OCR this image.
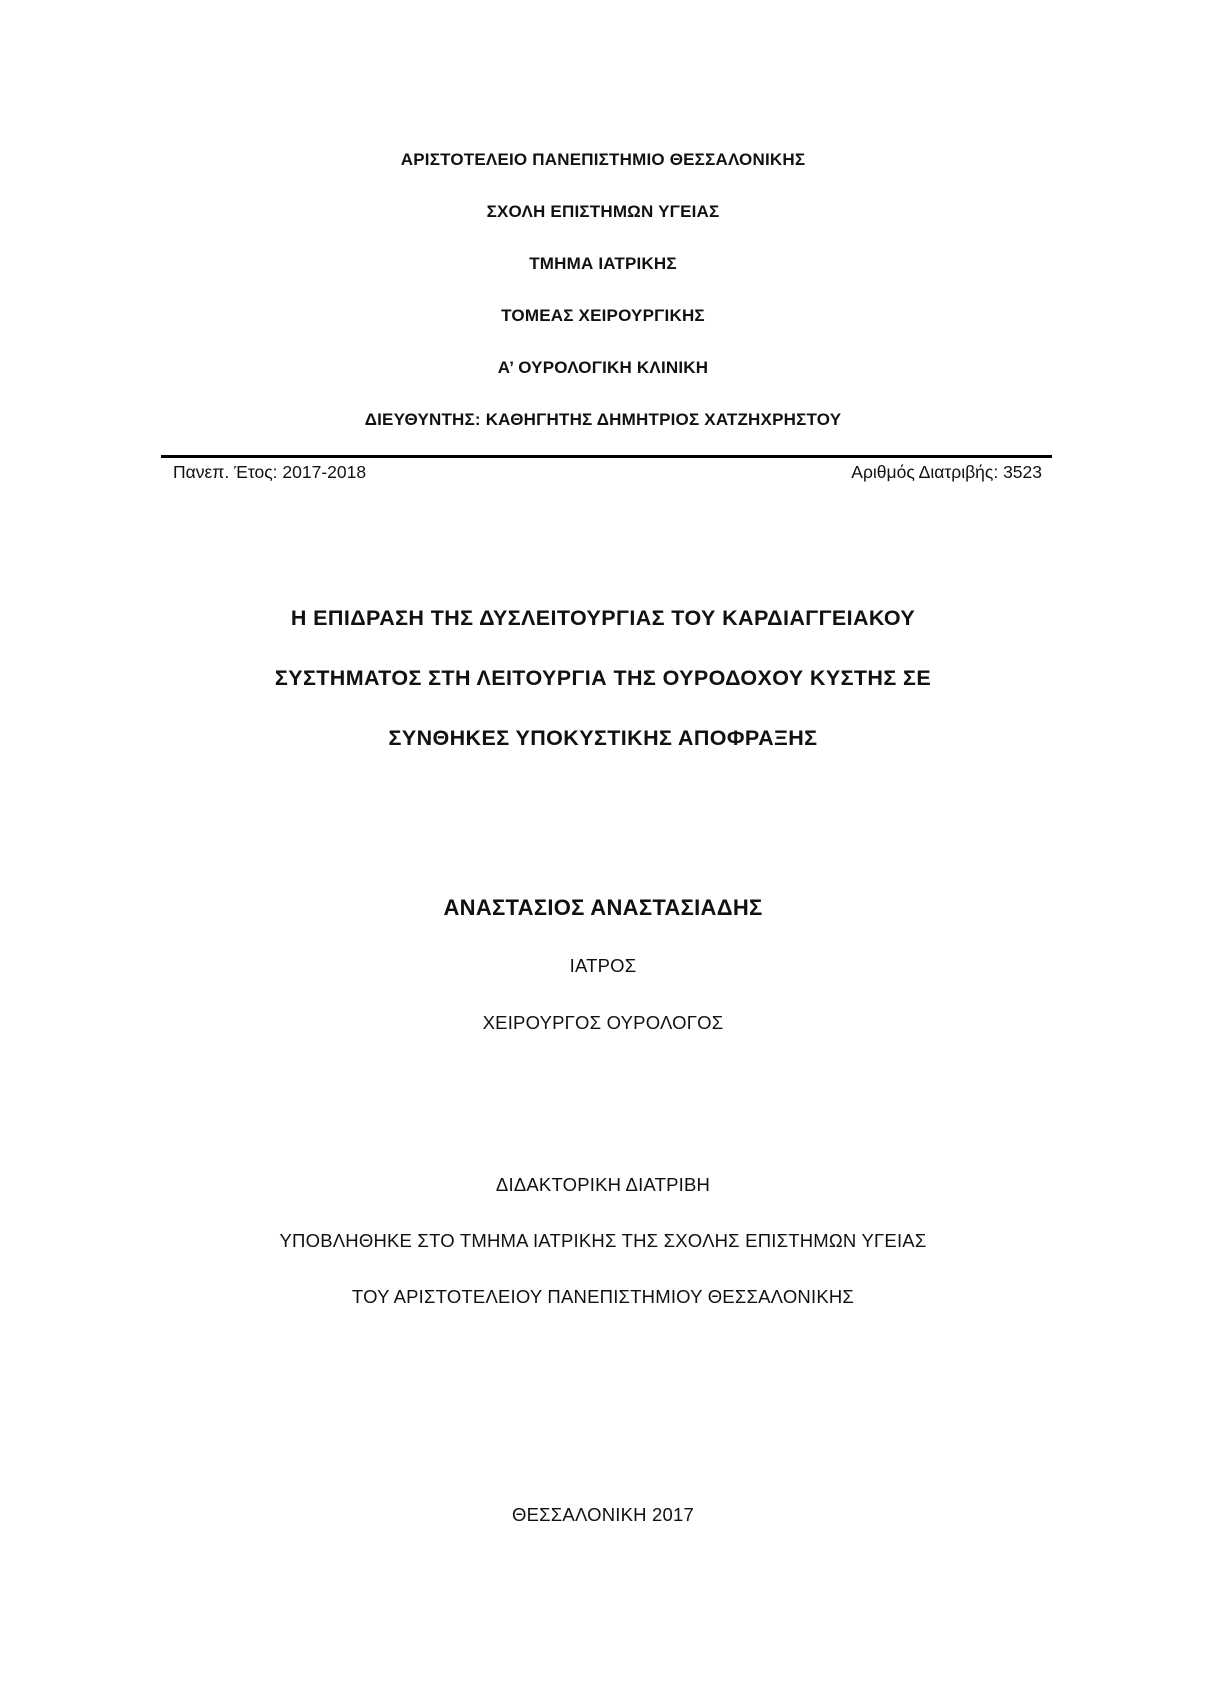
ΑΡΙΣΤΟΤΕΛΕΙΟ ΠΑΝΕΠΙΣΤΗΜΙΟ ΘΕΣΣΑΛΟΝΙΚΗΣ
ΣΧΟΛΗ ΕΠΙΣΤΗΜΩΝ ΥΓΕΙΑΣ
ΤΜΗΜΑ ΙΑΤΡΙΚΗΣ
ΤΟΜΕΑΣ ΧΕΙΡΟΥΡΓΙΚΗΣ
Α’ ΟΥΡΟΛΟΓΙΚΗ ΚΛΙΝΙΚΗ
ΔΙΕΥΘΥΝΤΗΣ: ΚΑΘΗΓΗΤΗΣ ΔΗΜΗΤΡΙΟΣ ΧΑΤΖΗΧΡΗΣΤΟΥ
Πανεπ. Έτος: 2017-2018	Αριθμός Διατριβής: 3523
Η ΕΠΙΔΡΑΣΗ ΤΗΣ ΔΥΣΛΕΙΤΟΥΡΓΙΑΣ ΤΟΥ ΚΑΡΔΙΑΓΓΕΙΑΚΟΥ
ΣΥΣΤΗΜΑΤΟΣ ΣΤΗ ΛΕΙΤΟΥΡΓΙΑ ΤΗΣ ΟΥΡΟΔΟΧΟΥ ΚΥΣΤΗΣ ΣΕ
ΣΥΝΘΗΚΕΣ ΥΠΟΚΥΣΤΙΚΗΣ ΑΠΟΦΡΑΞΗΣ
ΑΝΑΣΤΑΣΙΟΣ ΑΝΑΣΤΑΣΙΑΔΗΣ
ΙΑΤΡΟΣ
ΧΕΙΡΟΥΡΓΟΣ ΟΥΡΟΛΟΓΟΣ
ΔΙΔΑΚΤΟΡΙΚΗ ΔΙΑΤΡΙΒΗ
ΥΠΟΒΛΗΘΗΚΕ ΣΤΟ ΤΜΗΜΑ ΙΑΤΡΙΚΗΣ ΤΗΣ ΣΧΟΛΗΣ ΕΠΙΣΤΗΜΩΝ ΥΓΕΙΑΣ
ΤΟΥ ΑΡΙΣΤΟΤΕΛΕΙΟΥ ΠΑΝΕΠΙΣΤΗΜΙΟΥ ΘΕΣΣΑΛΟΝΙΚΗΣ
ΘΕΣΣΑΛΟΝΙΚΗ 2017
